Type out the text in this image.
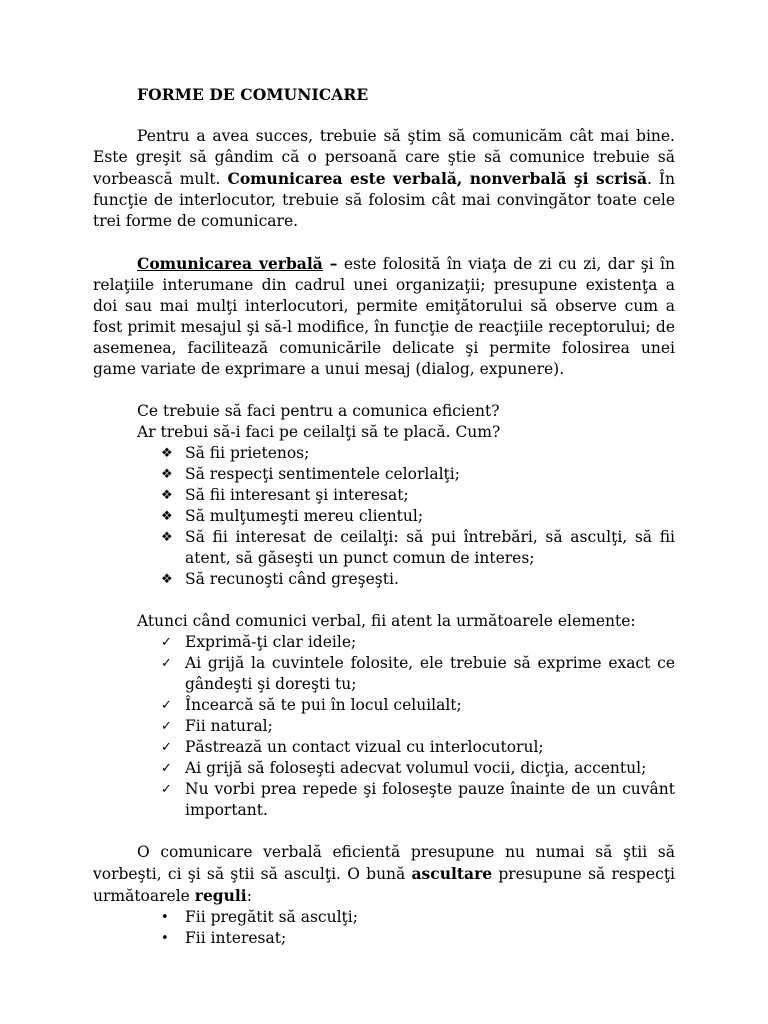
FORME DE COMUNICARE

Pentru a avea succes, trebuie să ştim să comunicăm cât mai bine. Este greşit să gândim că o persoană care ştie să comunice trebuie să vorbească mult. Comunicarea este verbală, nonverbală şi scrisă. În funcţie de interlocutor, trebuie să folosim cât mai convingător toate cele trei forme de comunicare.

Comunicarea verbală – este folosită în viaţa de zi cu zi, dar şi în relaţiile interumane din cadrul unei organizaţii; presupune existenţa a doi sau mai mulţi interlocutori, permite emiţătorului să observe cum a fost primit mesajul şi să-l modifice, în funcţie de reacţiile receptorului; de asemenea, facilitează comunicările delicate şi permite folosirea unei game variate de exprimare a unui mesaj (dialog, expunere).

Ce trebuie să faci pentru a comunica eficient?
Ar trebui să-i faci pe ceilalţi să te placă. Cum?
❖ Să fii prietenos;
❖ Să respecţi sentimentele celorlalţi;
❖ Să fii interesant şi interesat;
❖ Să mulţumeşti mereu clientul;
❖ Să fii interesat de ceilalţi: să pui întrebări, să asculţi, să fii atent, să găseşti un punct comun de interes;
❖ Să recunoşti când greşeşti.
Atunci când comunici verbal, fii atent la următoarele elemente:
✓ Exprimă-ţi clar ideile;
✓ Ai grijă la cuvintele folosite, ele trebuie să exprime exact ce gândeşti şi doreşti tu;
✓ Încearcă să te pui în locul celuilalt;
✓ Fii natural;
✓ Păstrează un contact vizual cu interlocutorul;
✓ Ai grijă să foloseşti adecvat volumul vocii, dicţia, accentul;
✓ Nu vorbi prea repede şi foloseşte pauze înainte de un cuvânt important.

O comunicare verbală eficientă presupune nu numai să ştii să vorbeşti, ci şi să ştii să asculţi. O bună ascultare presupune să respecţi următoarele reguli:

•	Fii pregătit să asculţi;
•	Fii interesat;
